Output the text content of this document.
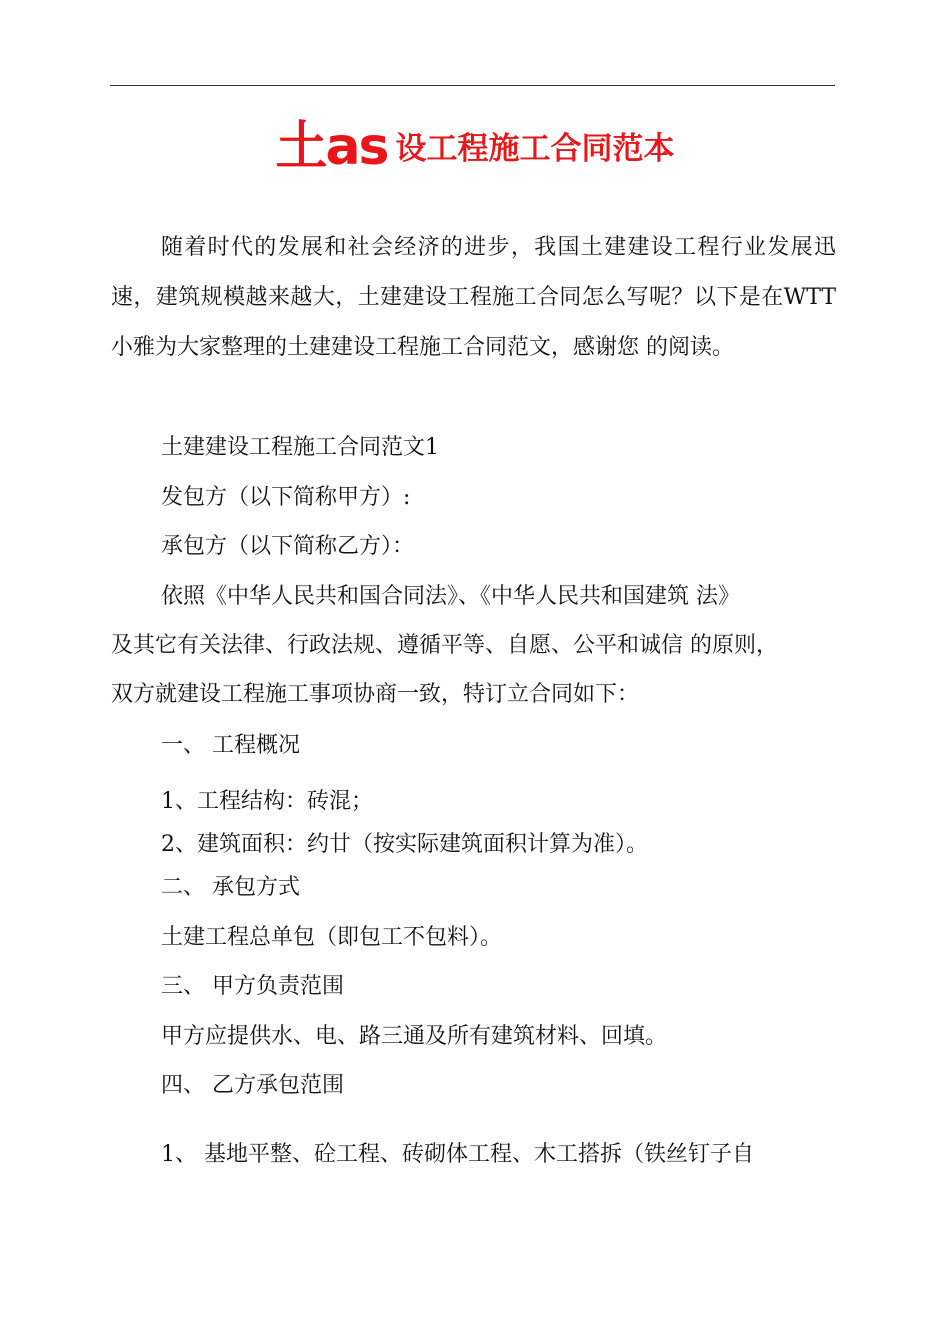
土as 设工程施工合同范本
随着时代的发展和社会经济的进步，我国土建建设工程行业发展迅速，建筑规模越来越大，土建建设工程施工合同怎么写呢？以下是在WTT小雅为大家整理的土建建设工程施工合同范文，感谢您 的阅读。
土建建设工程施工合同范文1
发包方（以下简称甲方）:
承包方（以下简称乙方）：
依照《中华人民共和国合同法》、《中华人民共和国建筑 法》
及其它有关法律、行政法规、遵循平等、自愿、公平和诚信 的原则，
双方就建设工程施工事项协商一致，特订立合同如下：
一、 工程概况
1、工程结构：砖混；
2、建筑面积：约廿（按实际建筑面积计算为准）。
二、 承包方式
土建工程总单包（即包工不包料）。
三、 甲方负责范围
甲方应提供水、电、路三通及所有建筑材料、回填。
四、 乙方承包范围
1、 基地平整、砼工程、砖砌体工程、木工搭拆（铁丝钉子自
